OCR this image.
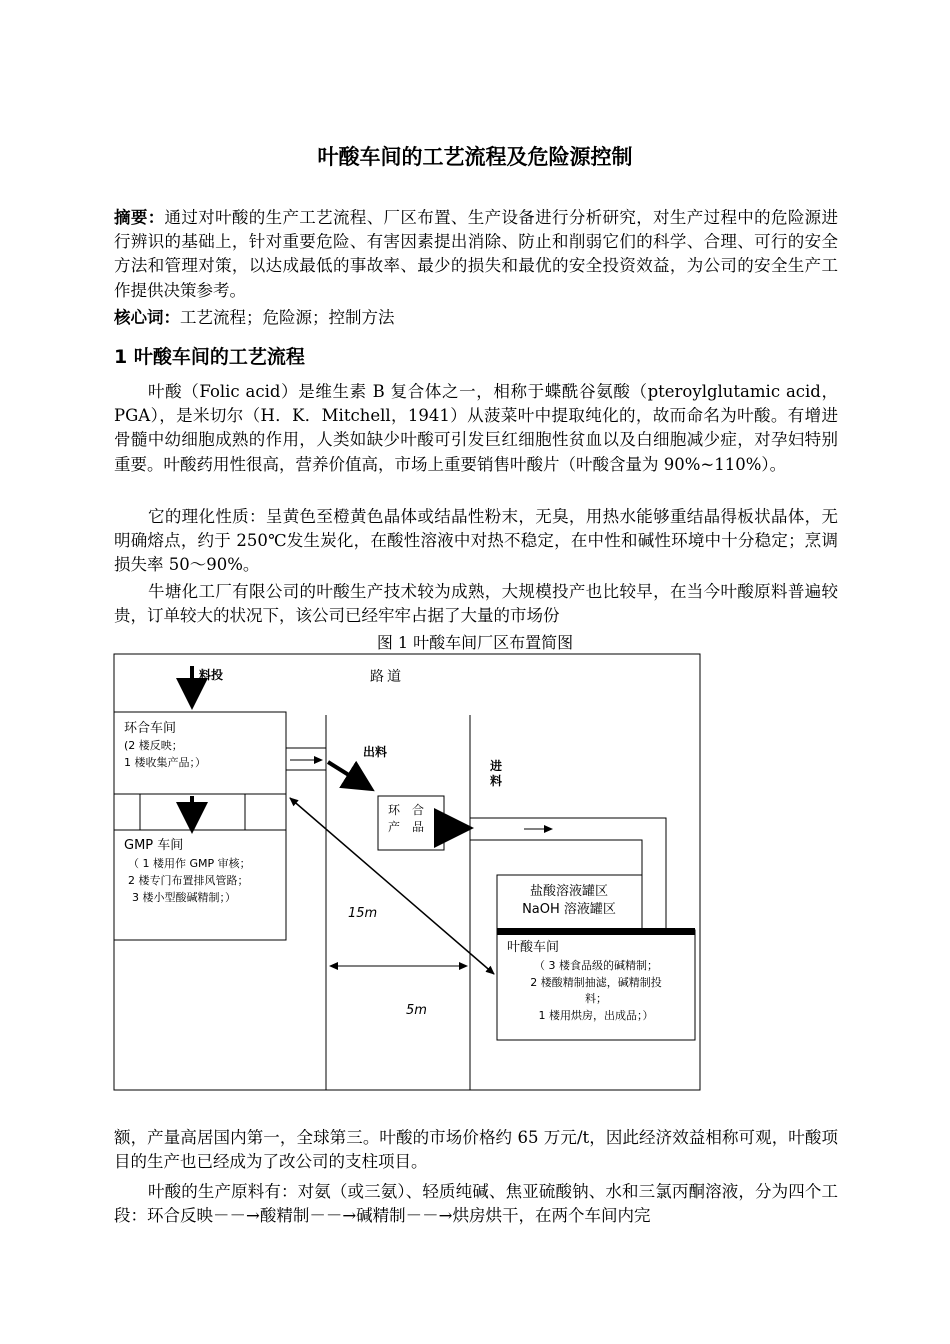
叶酸车间的工艺流程及危险源控制

摘要：通过对叶酸的生产工艺流程、厂区布置、生产设备进行分析研究，对生产过程中的危险源进行辨识的基础上，针对重要危险、有害因素提出消除、防止和削弱它们的科学、合理、可行的安全方法和管理对策，以达成最低的事故率、最少的损失和最优的安全投资效益，为公司的安全生产工作提供决策参考。

核心词：工艺流程；危险源；控制方法

1 叶酸车间的工艺流程

叶酸（Folic acid）是维生素 B 复合体之一，相称于蝶酰谷氨酸（pteroylglutamic acid，PGA），是米切尔（H．K．Mitchell，1941）从菠菜叶中提取纯化的，故而命名为叶酸。有增进骨髓中幼细胞成熟的作用，人类如缺少叶酸可引发巨红细胞性贫血以及白细胞减少症，对孕妇特别重要。叶酸药用性很高，营养价值高，市场上重要销售叶酸片（叶酸含量为 90%~110%）。

它的理化性质：呈黄色至橙黄色晶体或结晶性粉末，无臭，用热水能够重结晶得板状晶体，无明确熔点，约于 250℃发生炭化，在酸性溶液中对热不稳定，在中性和碱性环境中十分稳定；烹调损失率 50～90%。

牛塘化工厂有限公司的叶酸生产技术较为成熟，大规模投产也比较早，在当今叶酸原料普遍较贵，订单较大的状况下，该公司已经牢牢占据了大量的市场份

图 1 叶酸车间厂区布置简图
料投	路道
环合车间
(2 楼反映；
1 楼收集产品；）
GMP 车间
（ 1 楼用作 GMP 审核；
2 楼专门布置排风管路；
3 楼小型酸碱精制；）
出料
环　合
产　品
进
料
盐酸溶液罐区
NaOH 溶液罐区
叶酸车间
（ 3 楼食品级的碱精制；
2 楼酸精制抽滤，碱精制投
料；
1 楼用烘房，出成品；）
15m
5m

额，产量高居国内第一，全球第三。叶酸的市场价格约 65 万元/t，因此经济效益相称可观，叶酸项目的生产也已经成为了改公司的支柱项目。

叶酸的生产原料有：对氨（或三氨）、轻质纯碱、焦亚硫酸钠、水和三氯丙酮溶液，分为四个工段：环合反映－－→酸精制－－→碱精制－－→烘房烘干，在两个车间内完
